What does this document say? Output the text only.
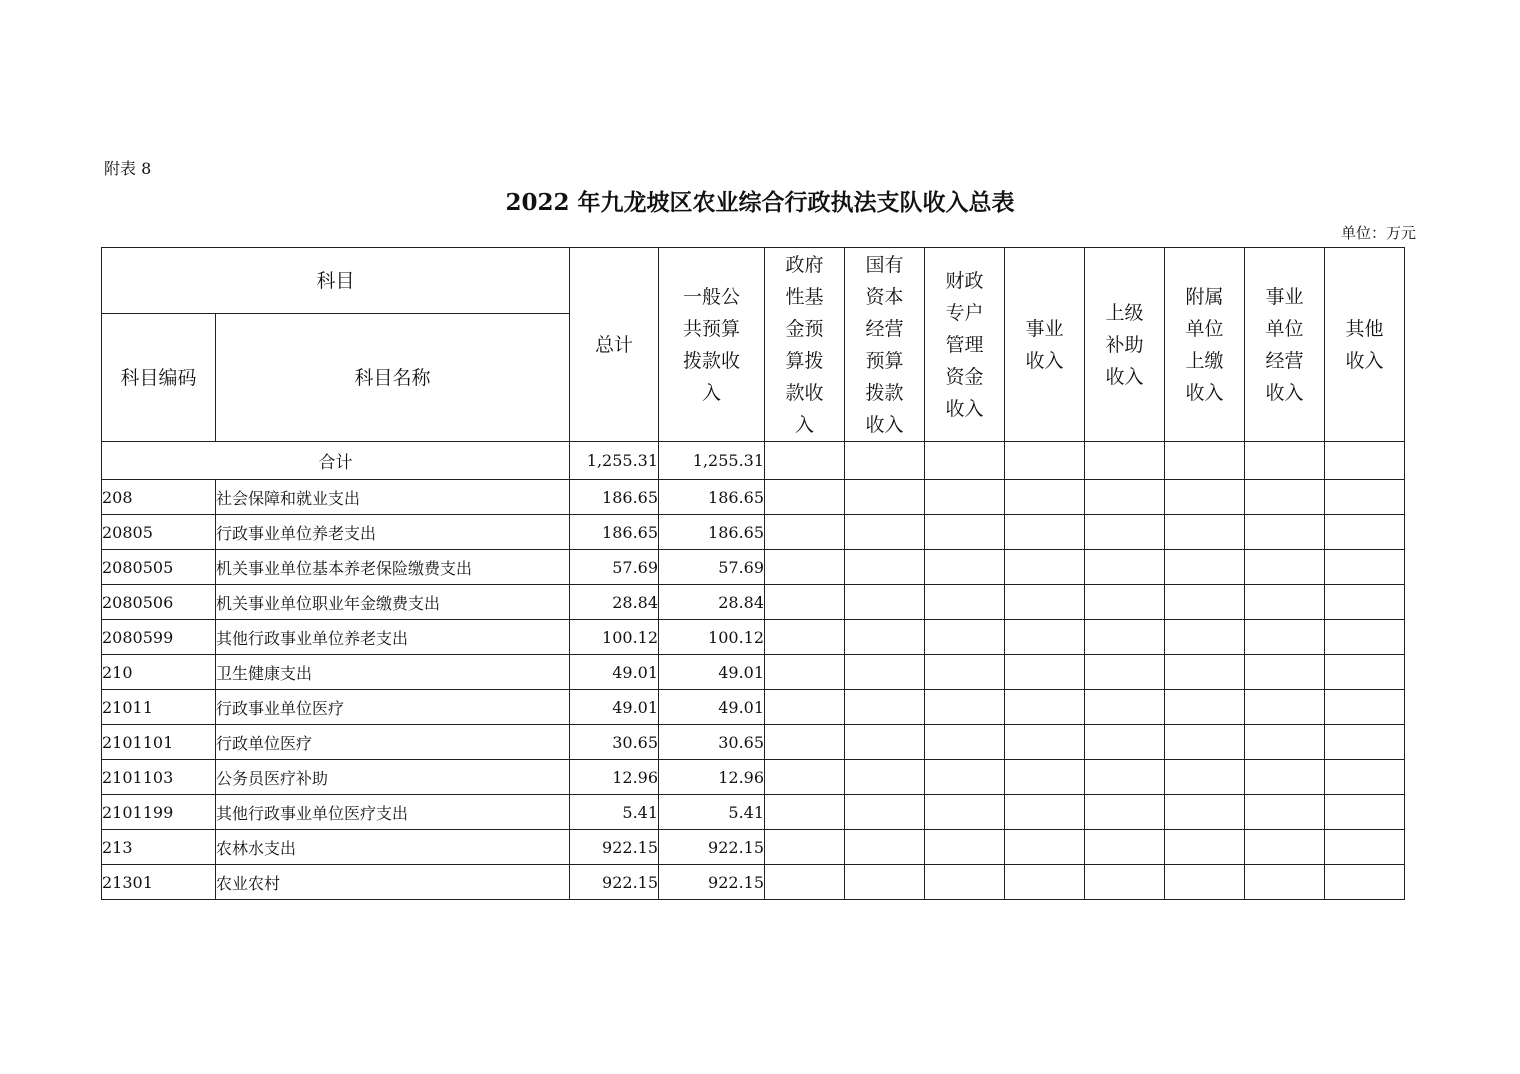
附表 8
2022 年九龙坡区农业综合行政执法支队收入总表
单位：万元
科目		总计	一般公共预算拨款收入	政府性基金预算拨款收入	国有资本经营预算拨款收入	财政专户管理资金收入	事业收入	上级补助收入	附属单位上缴收入	事业单位经营收入	其他收入
科目编码	科目名称										
合计		1,255.31	1,255.31								
208	社会保障和就业支出	186.65	186.65								
20805	行政事业单位养老支出	186.65	186.65								
2080505	机关事业单位基本养老保险缴费支出	57.69	57.69								
2080506	机关事业单位职业年金缴费支出	28.84	28.84								
2080599	其他行政事业单位养老支出	100.12	100.12								
210	卫生健康支出	49.01	49.01								
21011	行政事业单位医疗	49.01	49.01								
2101101	行政单位医疗	30.65	30.65								
2101103	公务员医疗补助	12.96	12.96								
2101199	其他行政事业单位医疗支出	5.41	5.41								
213	农林水支出	922.15	922.15								
21301	农业农村	922.15	922.15								
